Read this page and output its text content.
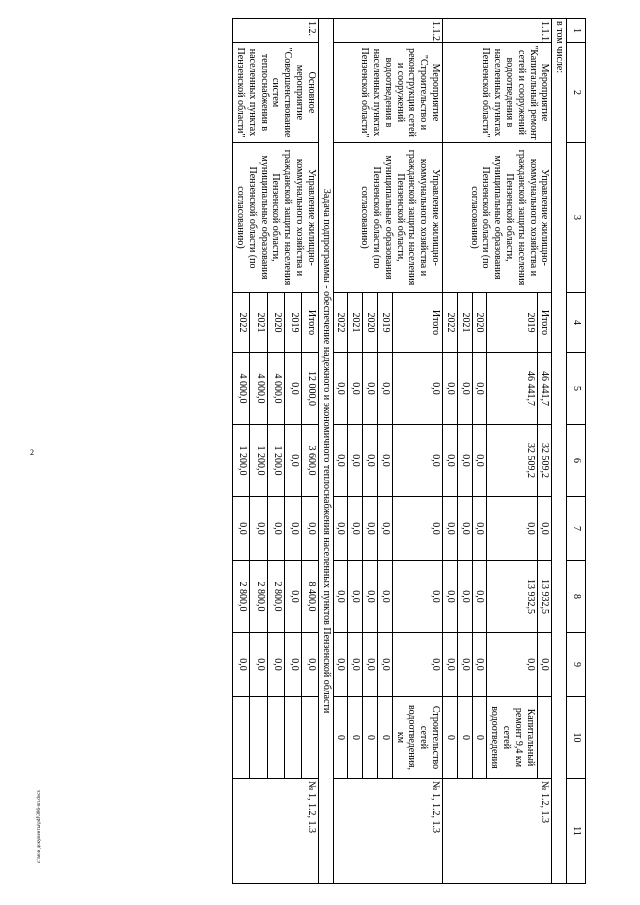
2
c:\мои документы\pdf\386-пп.docx
1	2	3	4	5	6	7	8	9	10	11
в том числе:										
1.1.1.	Мероприятие "Капитальный ремонт сетей и сооружений водоотведения в населенных пунктах Пензенской области"	Управление жилищно-коммунального хозяйства и гражданской защиты населения Пензенской области, муниципальные образования Пензенской области (по согласованию)	Итого	46 441,7	32 509,2	0,0	13 932,5	0,0		№ 1.2, 1.3
			2019	46 441,7	32 509,2	0,0	13 932,5	0,0	Капитальный ремонт 9,4 км сетей водоотведения	
			2020	0,0	0,0	0,0	0,0	0,0	0	
			2021	0,0	0,0	0,0	0,0	0,0	0	
			2022	0,0	0,0	0,0	0,0	0,0	0	
1.1.2.	Мероприятие "Строительство и реконструкция сетей и сооружений водоотведения в населенных пунктах Пензенской области"	Управление жилищно-коммунального хозяйства и гражданской защиты населения Пензенской области, муниципальные образования Пензенской области (по согласованию)	Итого	0,0	0,0	0,0	0,0	0,0	Строительство сетей водоотведения, км	№ 1, 1.2, 1.3
			2019	0,0	0,0	0,0	0,0	0,0	0	
			2020	0,0	0,0	0,0	0,0	0,0	0	
			2021	0,0	0,0	0,0	0,0	0,0	0	
			2022	0,0	0,0	0,0	0,0	0,0	0	
Задача подпрограммы - обеспечение надежного и экономичного теплоснабжения населенных пунктов Пензенской области										
1.2.	Основное мероприятие "Совершенствование систем теплоснабжения в населенных пунктах Пензенской области"	Управление жилищно-коммунального хозяйства и гражданской защиты населения Пензенской области, муниципальные образования Пензенской области (по согласованию)	Итого	12 000,0	3 600,0	0,0	8 400,0	0,0		№ 1, 1.2, 1.3
			2019	0,0	0,0	0,0	0,0	0,0		
			2020	4 000,0	1 200,0	0,0	2 800,0	0,0		
			2021	4 000,0	1 200,0	0,0	2 800,0	0,0		
			2022	4 000,0	1 200,0	0,0	2 800,0	0,0		
